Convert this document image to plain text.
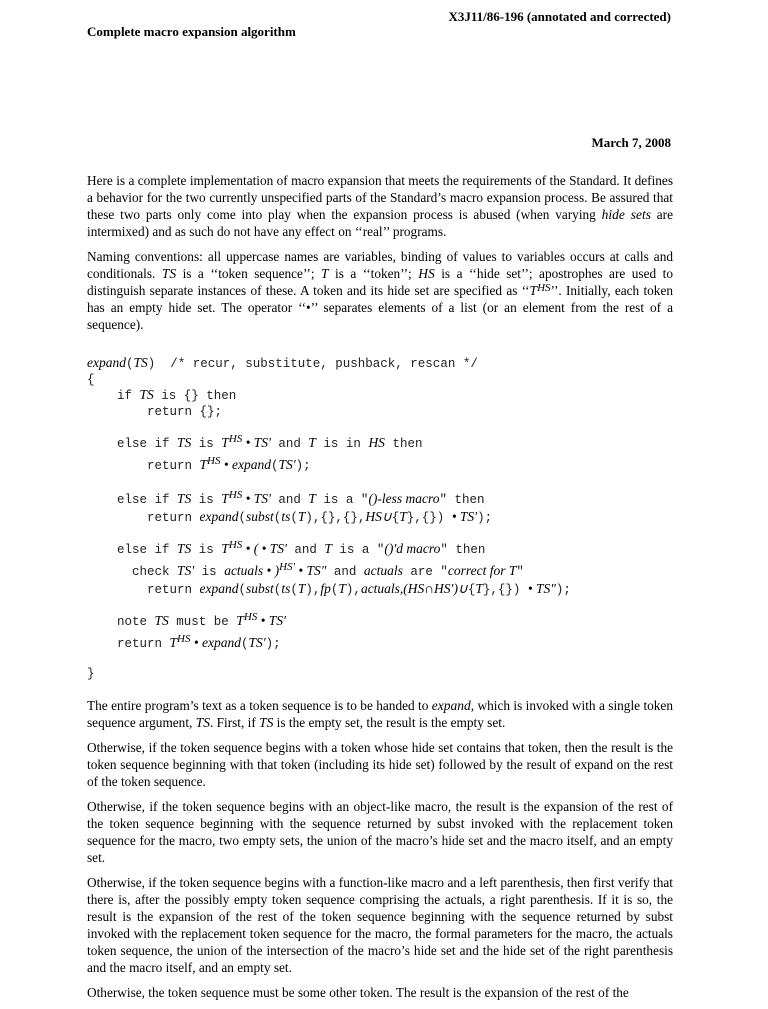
X3J11/86-196 (annotated and corrected)
Complete macro expansion algorithm
March 7, 2008

Here is a complete implementation of macro expansion that meets the requirements of the Standard. It defines a behavior for the two currently unspecified parts of the Standard’s macro expansion process. Be assured that these two parts only come into play when the expansion process is abused (when varying hide sets are intermixed) and as such do not have any effect on ‘‘real’’ programs.

Naming conventions: all uppercase names are variables, binding of values to variables occurs at calls and conditionals. TS is a ‘‘token sequence’’; T is a ‘‘token’’; HS is a ‘‘hide set’’; apostrophes are used to distinguish separate instances of these. A token and its hide set are specified as ‘‘$T^{HS}$’’. Initially, each token has an empty hide set. The operator ‘‘•’’ separates elements of a list (or an element from the rest of a sequence).

expand(TS)  /* recur, substitute, pushback, rescan */
{
if TS is {} then
return {};
else if TS is $T^{HS}$ • TS' and T is in HS then
return $T^{HS}$ • expand(TS');
else if TS is $T^{HS}$ • TS' and T is a "()-less macro" then
return expand(subst(ts(T),{},{},HS∪{T},{}) • TS');
else if TS is $T^{HS}$ • ( • TS' and T is a "()'d macro" then
check TS' is actuals • )$^{HS'}$ • TS" and actuals are "correct for T"
return expand(subst(ts(T),fp(T),actuals,(HS∩HS')∪{T},{}) • TS");
note TS must be $T^{HS}$ • TS'
return $T^{HS}$ • expand(TS');
}

The entire program’s text as a token sequence is to be handed to expand, which is invoked with a single token sequence argument, TS. First, if TS is the empty set, the result is the empty set.

Otherwise, if the token sequence begins with a token whose hide set contains that token, then the result is the token sequence beginning with that token (including its hide set) followed by the result of expand on the rest of the token sequence.

Otherwise, if the token sequence begins with an object-like macro, the result is the expansion of the rest of the token sequence beginning with the sequence returned by subst invoked with the replacement token sequence for the macro, two empty sets, the union of the macro’s hide set and the macro itself, and an empty set.

Otherwise, if the token sequence begins with a function-like macro and a left parenthesis, then first verify that there is, after the possibly empty token sequence comprising the actuals, a right parenthesis. If it is so, the result is the expansion of the rest of the token sequence beginning with the sequence returned by subst invoked with the replacement token sequence for the macro, the formal parameters for the macro, the actuals token sequence, the union of the intersection of the macro’s hide set and the hide set of the right parenthesis and the macro itself, and an empty set.

Otherwise, the token sequence must be some other token. The result is the expansion of the rest of the
